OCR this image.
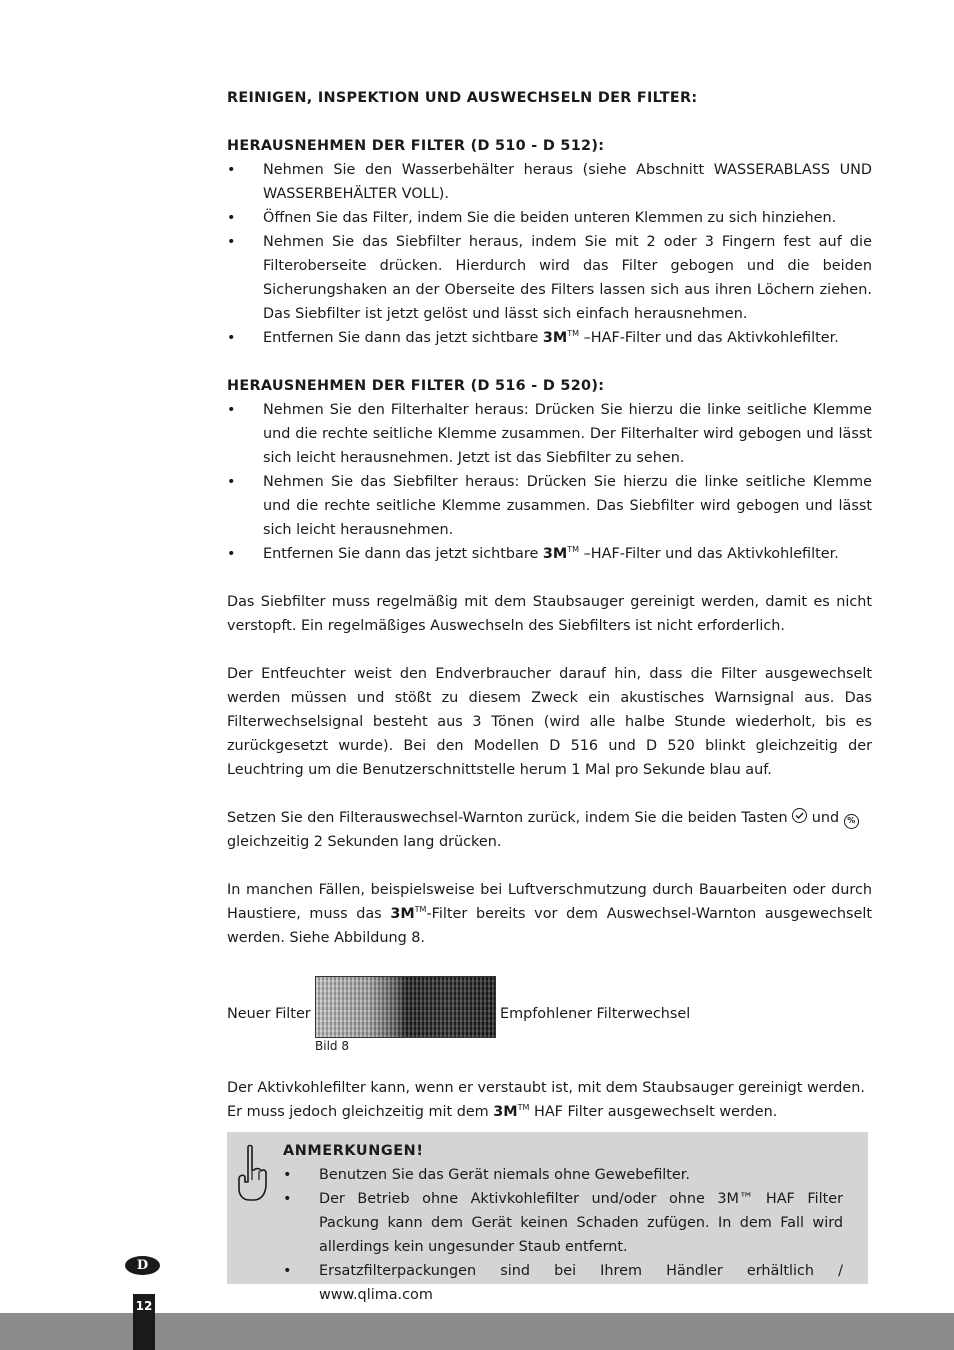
REINIGEN, INSPEKTION UND AUSWECHSELN DER FILTER:
HERAUSNEHMEN DER FILTER (D 510 - D 512):
• Nehmen Sie den Wasserbehälter heraus (siehe Abschnitt WASSERABLASS UND WASSERBEHÄLTER VOLL).
• Öffnen Sie das Filter, indem Sie die beiden unteren Klemmen zu sich hinziehen.
• Nehmen Sie das Siebfilter heraus, indem Sie mit 2 oder 3 Fingern fest auf die Filteroberseite drücken. Hierdurch wird das Filter gebogen und die beiden Sicherungshaken an der Oberseite des Filters lassen sich aus ihren Löchern ziehen. Das Siebfilter ist jetzt gelöst und lässt sich einfach herausnehmen.
• Entfernen Sie dann das jetzt sichtbare 3M™ –HAF-Filter und das Aktivkohlefilter.
HERAUSNEHMEN DER FILTER (D 516 - D 520):
• Nehmen Sie den Filterhalter heraus: Drücken Sie hierzu die linke seitliche Klemme und die rechte seitliche Klemme zusammen. Der Filterhalter wird gebogen und lässt sich leicht herausnehmen. Jetzt ist das Siebfilter zu sehen.
• Nehmen Sie das Siebfilter heraus: Drücken Sie hierzu die linke seitliche Klemme und die rechte seitliche Klemme zusammen. Das Siebfilter wird gebogen und lässt sich leicht herausnehmen.
• Entfernen Sie dann das jetzt sichtbare 3M™ –HAF-Filter und das Aktivkohlefilter.

Das Siebfilter muss regelmäßig mit dem Staubsauger gereinigt werden, damit es nicht verstopft. Ein regelmäßiges Auswechseln des Siebfilters ist nicht erforderlich.

Der Entfeuchter weist den Endverbraucher darauf hin, dass die Filter ausgewechselt werden müssen und stößt zu diesem Zweck ein akustisches Warnsignal aus. Das Filterwechselsignal besteht aus 3 Tönen (wird alle halbe Stunde wiederholt, bis es zurückgesetzt wurde). Bei den Modellen D 516 und D 520 blinkt gleichzeitig der Leuchtring um die Benutzerschnittstelle herum 1 Mal pro Sekunde blau auf.

Setzen Sie den Filterauswechsel-Warnton zurück, indem Sie die beiden Tasten
und %
gleichzeitig 2 Sekunden lang drücken.

In manchen Fällen, beispielsweise bei Luftverschmutzung durch Bauarbeiten oder durch Haustiere, muss das 3M™-Filter bereits vor dem Auswechsel-Warnton ausgewechselt werden. Siehe Abbildung 8.

Neuer Filter	Empfohlener Filterwechsel
Bild 8

Der Aktivkohlefilter kann, wenn er verstaubt ist, mit dem Staubsauger gereinigt werden.
Er muss jedoch gleichzeitig mit dem 3M™ HAF Filter ausgewechselt werden.

ANMERKUNGEN!
• Benutzen Sie das Gerät niemals ohne Gewebefilter.
• Der Betrieb ohne Aktivkohlefilter und/oder ohne 3M™ HAF Filter Packung kann dem Gerät keinen Schaden zufügen. In dem Fall wird allerdings kein ungesunder Staub entfernt.
• Ersatzfilterpackungen sind bei Ihrem Händler erhältlich / www.qlima.com
D
12
